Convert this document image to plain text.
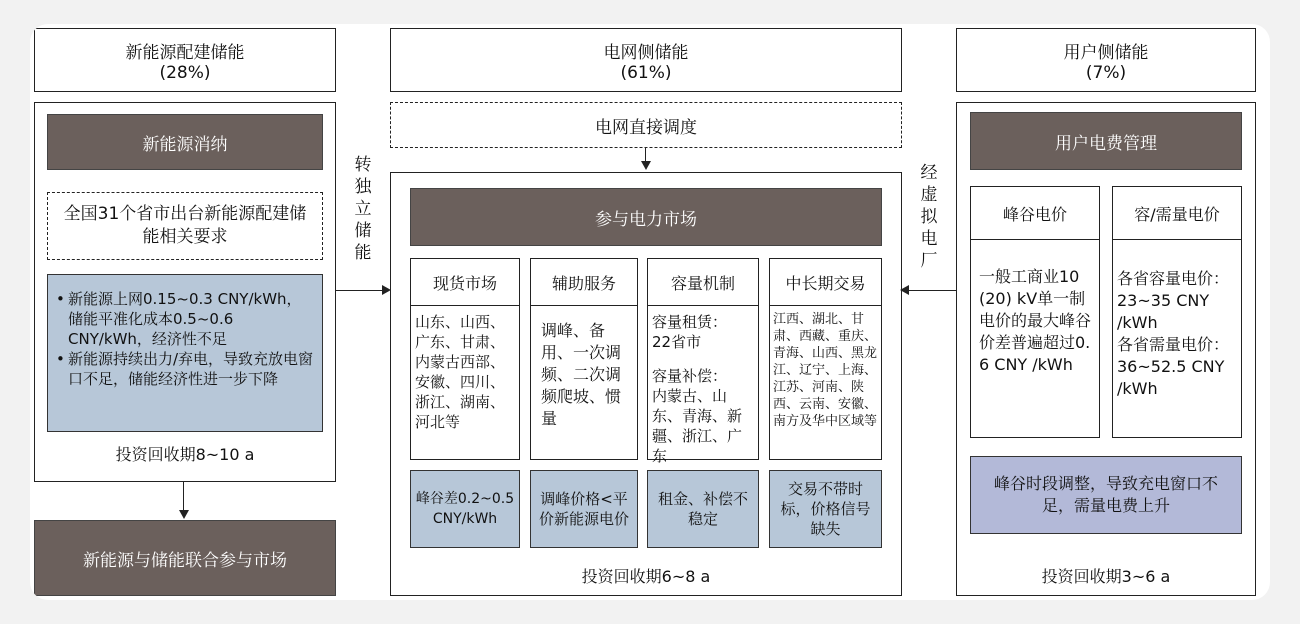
新能源配建储能
(28%)
电网侧储能
(61%)
用户侧储能
(7%)
新能源消纳
全国31个省市出台新能源配建储能相关要求
• 新能源上网0.15~0.3 CNY/kWh，储能平准化成本0.5~0.6 CNY/kWh，经济性不足
• 新能源持续出力/弃电，导致充放电窗口不足，储能经济性进一步下降
投资回收期8~10 a
新能源与储能联合参与市场
转独立储能
电网直接调度
参与电力市场
现货市场
山东、山西、广东、甘肃、内蒙古西部、安徽、四川、浙江、湖南、河北等
辅助服务
调峰、备用、一次调频、二次调频爬坡、惯量
容量机制
容量租赁：
22省市
容量补偿：
内蒙古、山东、青海、新疆、浙江、广东
中长期交易
江西、湖北、甘肃、西藏、重庆、青海、山西、黑龙江、辽宁、上海、江苏、河南、陕西、云南、安徽、南方及华中区域等
峰谷差0.2~0.5 CNY/kWh
调峰价格<平价新能源电价
租金、补偿不稳定
交易不带时标，价格信号缺失
投资回收期6~8 a
经虚拟电厂
用户电费管理
峰谷电价
一般工商业10 (20) kV单一制电价的最大峰谷价差普遍超过0.6 CNY /kWh
容/需量电价
各省容量电价：
23~35 CNY
/kWh
各省需量电价：
36~52.5 CNY
/kWh
峰谷时段调整，导致充电窗口不足，需量电费上升
投资回收期3~6 a
